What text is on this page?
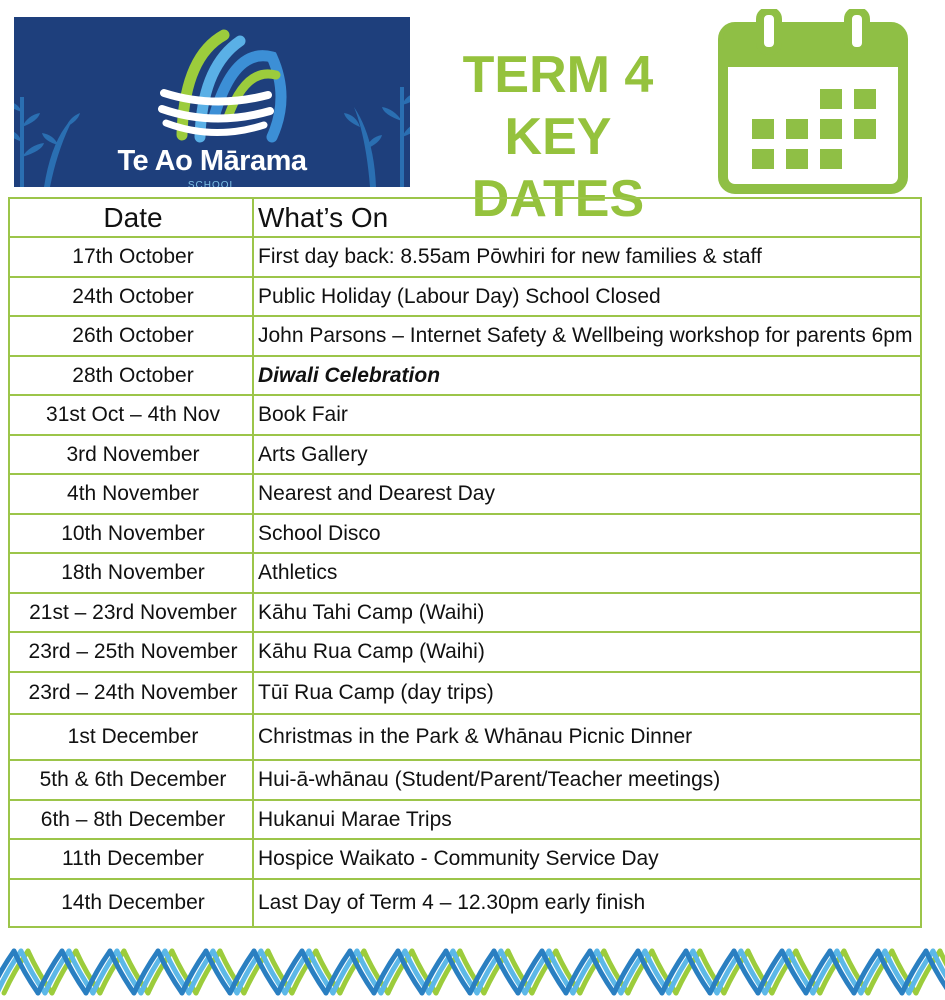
Te Ao Mārama
SCHOOL
TERM 4
KEY DATES
Date	What’s On
17th October	First day back: 8.55am Pōwhiri for new families & staff
24th October	Public Holiday (Labour Day) School Closed
26th October	John Parsons – Internet Safety & Wellbeing workshop for parents 6pm
28th October	Diwali Celebration
31st Oct – 4th Nov	Book Fair
3rd November	Arts Gallery
4th November	Nearest and Dearest Day
10th November	School Disco
18th November	Athletics
21st – 23rd November	Kāhu Tahi Camp (Waihi)
23rd – 25th November	Kāhu Rua Camp (Waihi)
23rd – 24th November	Tūī Rua Camp (day trips)
1st December	Christmas in the Park & Whānau Picnic Dinner
5th & 6th December	Hui-ā-whānau (Student/Parent/Teacher meetings)
6th – 8th December	Hukanui Marae Trips
11th December	Hospice Waikato - Community Service Day
14th December	Last Day of Term 4 – 12.30pm early finish
